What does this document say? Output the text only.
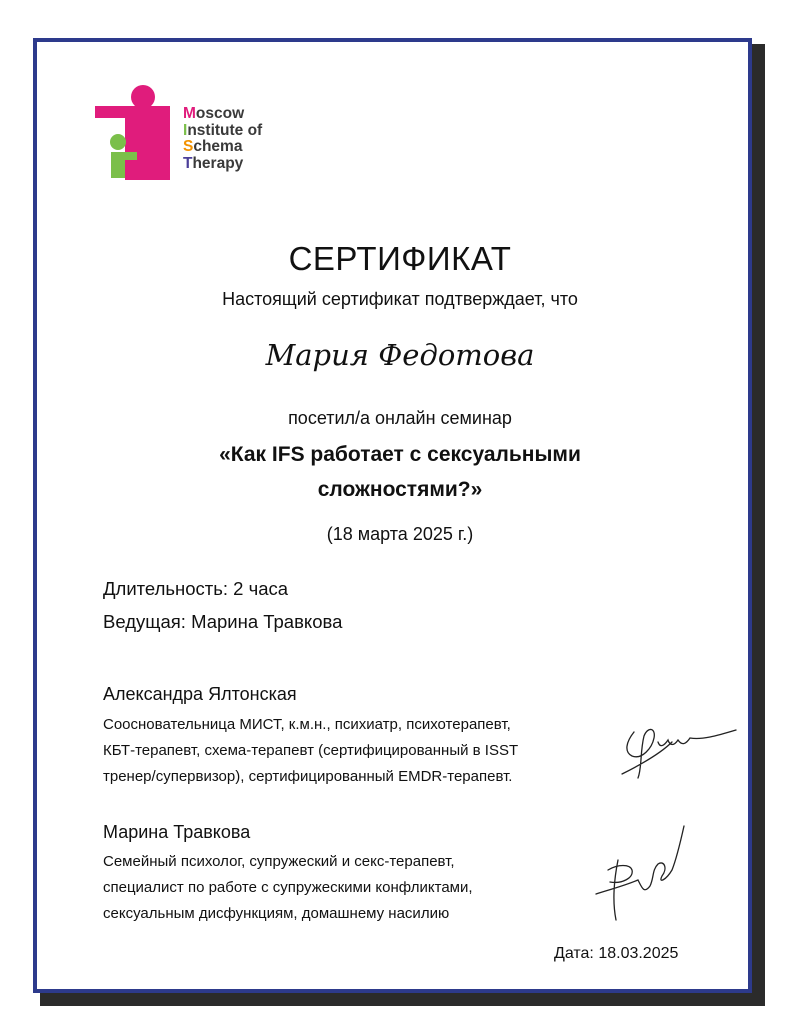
Moscow
Institute of
Schema
Therapy
СЕРТИФИКАТ
Настоящий сертификат подтверждает, что
Мария Федотова
посетил/а онлайн семинар
«Как IFS работает с сексуальными
сложностями?»
(18 марта 2025 г.)
Длительность: 2 часа
Ведущая: Марина Травкова
Александра Ялтонская
Соосновательница МИСТ, к.м.н., психиатр, психотерапевт,
КБТ-терапевт, схема-терапевт (сертифицированный в ISST
тренер/супервизор), сертифицированный EMDR-терапевт.
Марина Травкова
Семейный психолог, супружеский и секс-терапевт,
специалист по работе с супружескими конфликтами,
сексуальным дисфункциям, домашнему насилию
Дата: 18.03.2025
